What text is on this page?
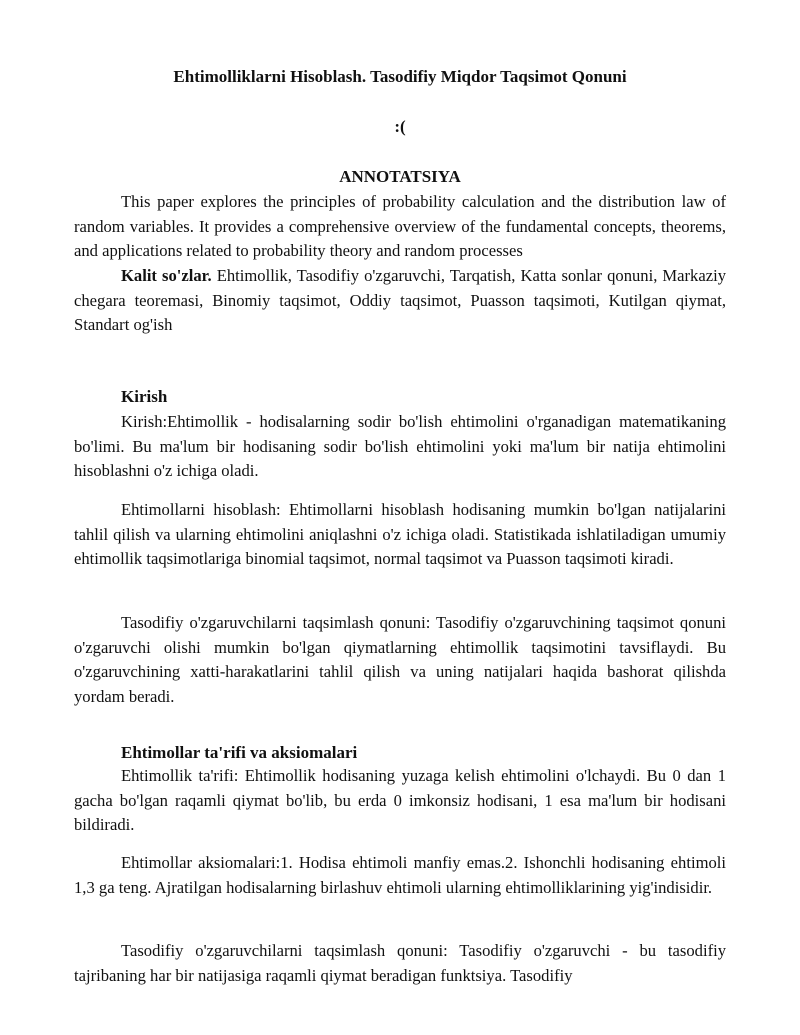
Ehtimolliklarni Hisoblash. Tasodifiy Miqdor Taqsimot Qonuni
:(
ANNOTATSIYA

This paper explores the principles of probability calculation and the distribution law of random variables. It provides a comprehensive overview of the fundamental concepts, theorems, and applications related to probability theory and random processes

Kalit so'zlar. Ehtimollik, Tasodifiy o'zgaruvchi, Tarqatish, Katta sonlar qonuni, Markaziy chegara teoremasi, Binomiy taqsimot, Oddiy taqsimot, Puasson taqsimoti, Kutilgan qiymat, Standart og'ish

Kirish

Kirish:Ehtimollik - hodisalarning sodir bo'lish ehtimolini o'rganadigan matematikaning bo'limi. Bu ma'lum bir hodisaning sodir bo'lish ehtimolini yoki ma'lum bir natija ehtimolini hisoblashni o'z ichiga oladi.

Ehtimollarni hisoblash: Ehtimollarni hisoblash hodisaning mumkin bo'lgan natijalarini tahlil qilish va ularning ehtimolini aniqlashni o'z ichiga oladi. Statistikada ishlatiladigan umumiy ehtimollik taqsimotlariga binomial taqsimot, normal taqsimot va Puasson taqsimoti kiradi.

Tasodifiy o'zgaruvchilarni taqsimlash qonuni: Tasodifiy o'zgaruvchining taqsimot qonuni o'zgaruvchi olishi mumkin bo'lgan qiymatlarning ehtimollik taqsimotini tavsiflaydi. Bu o'zgaruvchining xatti-harakatlarini tahlil qilish va uning natijalari haqida bashorat qilishda yordam beradi.

Ehtimollar ta'rifi va aksiomalari

Ehtimollik ta'rifi: Ehtimollik hodisaning yuzaga kelish ehtimolini o'lchaydi. Bu 0 dan 1 gacha bo'lgan raqamli qiymat bo'lib, bu erda 0 imkonsiz hodisani, 1 esa ma'lum bir hodisani bildiradi.

Ehtimollar aksiomalari:1. Hodisa ehtimoli manfiy emas.2. Ishonchli hodisaning ehtimoli 1,3 ga teng. Ajratilgan hodisalarning birlashuv ehtimoli ularning ehtimolliklarining yig'indisidir.

Tasodifiy o'zgaruvchilarni taqsimlash qonuni: Tasodifiy o'zgaruvchi - bu tasodifiy tajribaning har bir natijasiga raqamli qiymat beradigan funktsiya. Tasodifiy
